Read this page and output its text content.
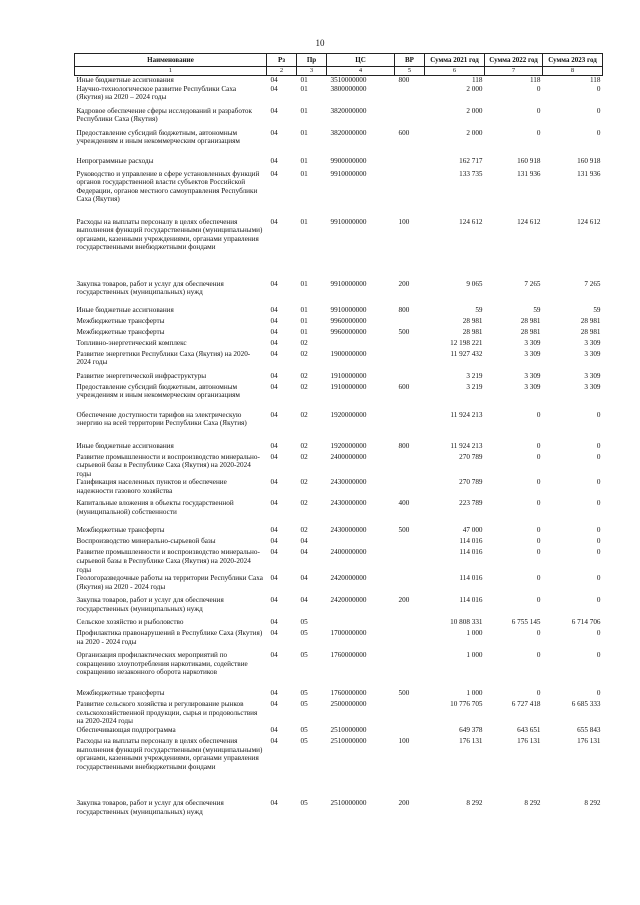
10
Наименование	Рз	Пр	ЦС	ВР	Сумма 2021 год	Сумма 2022 год	Сумма 2023 год
1	2	3	4	5	6	7	8
Иные бюджетные ассигнования	04	01	3510000000	800	118	118	118
Научно-технологическое развитие Республики Саха (Якутия) на 2020 – 2024 годы	04	01	3800000000		2 000	0	0
Кадровое обеспечение сферы исследований и разработок Республики Саха (Якутия)	04	01	3820000000		2 000	0	0
Предоставление субсидий бюджетным, автономным учреждениям и иным некоммерческим организациям	04	01	3820000000	600	2 000	0	0
Непрограммные расходы	04	01	9900000000		162 717	160 918	160 918
Руководство и управление в сфере установленных функций органов государственной власти субъектов Российской Федерации, органов местного самоуправления Республики Саха (Якутия)	04	01	9910000000		133 735	131 936	131 936
Расходы на выплаты персоналу в целях обеспечения выполнения функций государственными (муниципальными) органами, казенными учреждениями, органами управления государственными внебюджетными фондами	04	01	9910000000	100	124 612	124 612	124 612
Закупка товаров, работ и услуг для обеспечения государственных (муниципальных) нужд	04	01	9910000000	200	9 065	7 265	7 265
Иные бюджетные ассигнования	04	01	9910000000	800	59	59	59
Межбюджетные трансферты	04	01	9960000000		28 981	28 981	28 981
Межбюджетные трансферты	04	01	9960000000	500	28 981	28 981	28 981
Топливно-энергетический комплекс	04	02			12 198 221	3 309	3 309
Развитие энергетики Республики Саха (Якутия) на 2020-2024 годы	04	02	1900000000		11 927 432	3 309	3 309
Развитие энергетической инфраструктуры	04	02	1910000000		3 219	3 309	3 309
Предоставление субсидий бюджетным, автономным учреждениям и иным некоммерческим организациям	04	02	1910000000	600	3 219	3 309	3 309
Обеспечение доступности тарифов на электрическую энергию на всей территории Республики Саха (Якутия)	04	02	1920000000		11 924 213	0	0
Иные бюджетные ассигнования	04	02	1920000000	800	11 924 213	0	0
Развитие промышленности и воспроизводство минерально-сырьевой базы в Республике Саха (Якутия) на 2020-2024 годы	04	02	2400000000		270 789	0	0
Газификация населенных пунктов и обеспечение надежности газового хозяйства	04	02	2430000000		270 789	0	0
Капитальные вложения в объекты государственной (муниципальной) собственности	04	02	2430000000	400	223 789	0	0
Межбюджетные трансферты	04	02	2430000000	500	47 000	0	0
Воспроизводство минерально-сырьевой базы	04	04			114 016	0	0
Развитие промышленности и воспроизводство минерально-сырьевой базы в Республике Саха (Якутия) на 2020-2024 годы	04	04	2400000000		114 016	0	0
Геологоразведочные работы на территории Республики Саха (Якутия) на 2020 - 2024 годы	04	04	2420000000		114 016	0	0
Закупка товаров, работ и услуг для обеспечения государственных (муниципальных) нужд	04	04	2420000000	200	114 016	0	0
Сельское хозяйство и рыболовство	04	05			10 808 331	6 755 145	6 714 706
Профилактика правонарушений в Республике Саха (Якутия) на 2020 - 2024 годы	04	05	1700000000		1 000	0	0
Организация профилактических мероприятий по сокращению злоупотребления наркотиками, содействие сокращению незаконного оборота наркотиков	04	05	1760000000		1 000	0	0
Межбюджетные трансферты	04	05	1760000000	500	1 000	0	0
Развитие сельского хозяйства и регулирование рынков сельскохозяйственной продукции, сырья и продовольствия на 2020-2024 годы	04	05	2500000000		10 776 705	6 727 418	6 685 333
Обеспечивающая подпрограмма	04	05	2510000000		649 378	643 651	655 843
Расходы на выплаты персоналу в целях обеспечения выполнения функций государственными (муниципальными) органами, казенными учреждениями, органами управления государственными внебюджетными фондами	04	05	2510000000	100	176 131	176 131	176 131
Закупка товаров, работ и услуг для обеспечения государственных (муниципальных) нужд	04	05	2510000000	200	8 292	8 292	8 292
